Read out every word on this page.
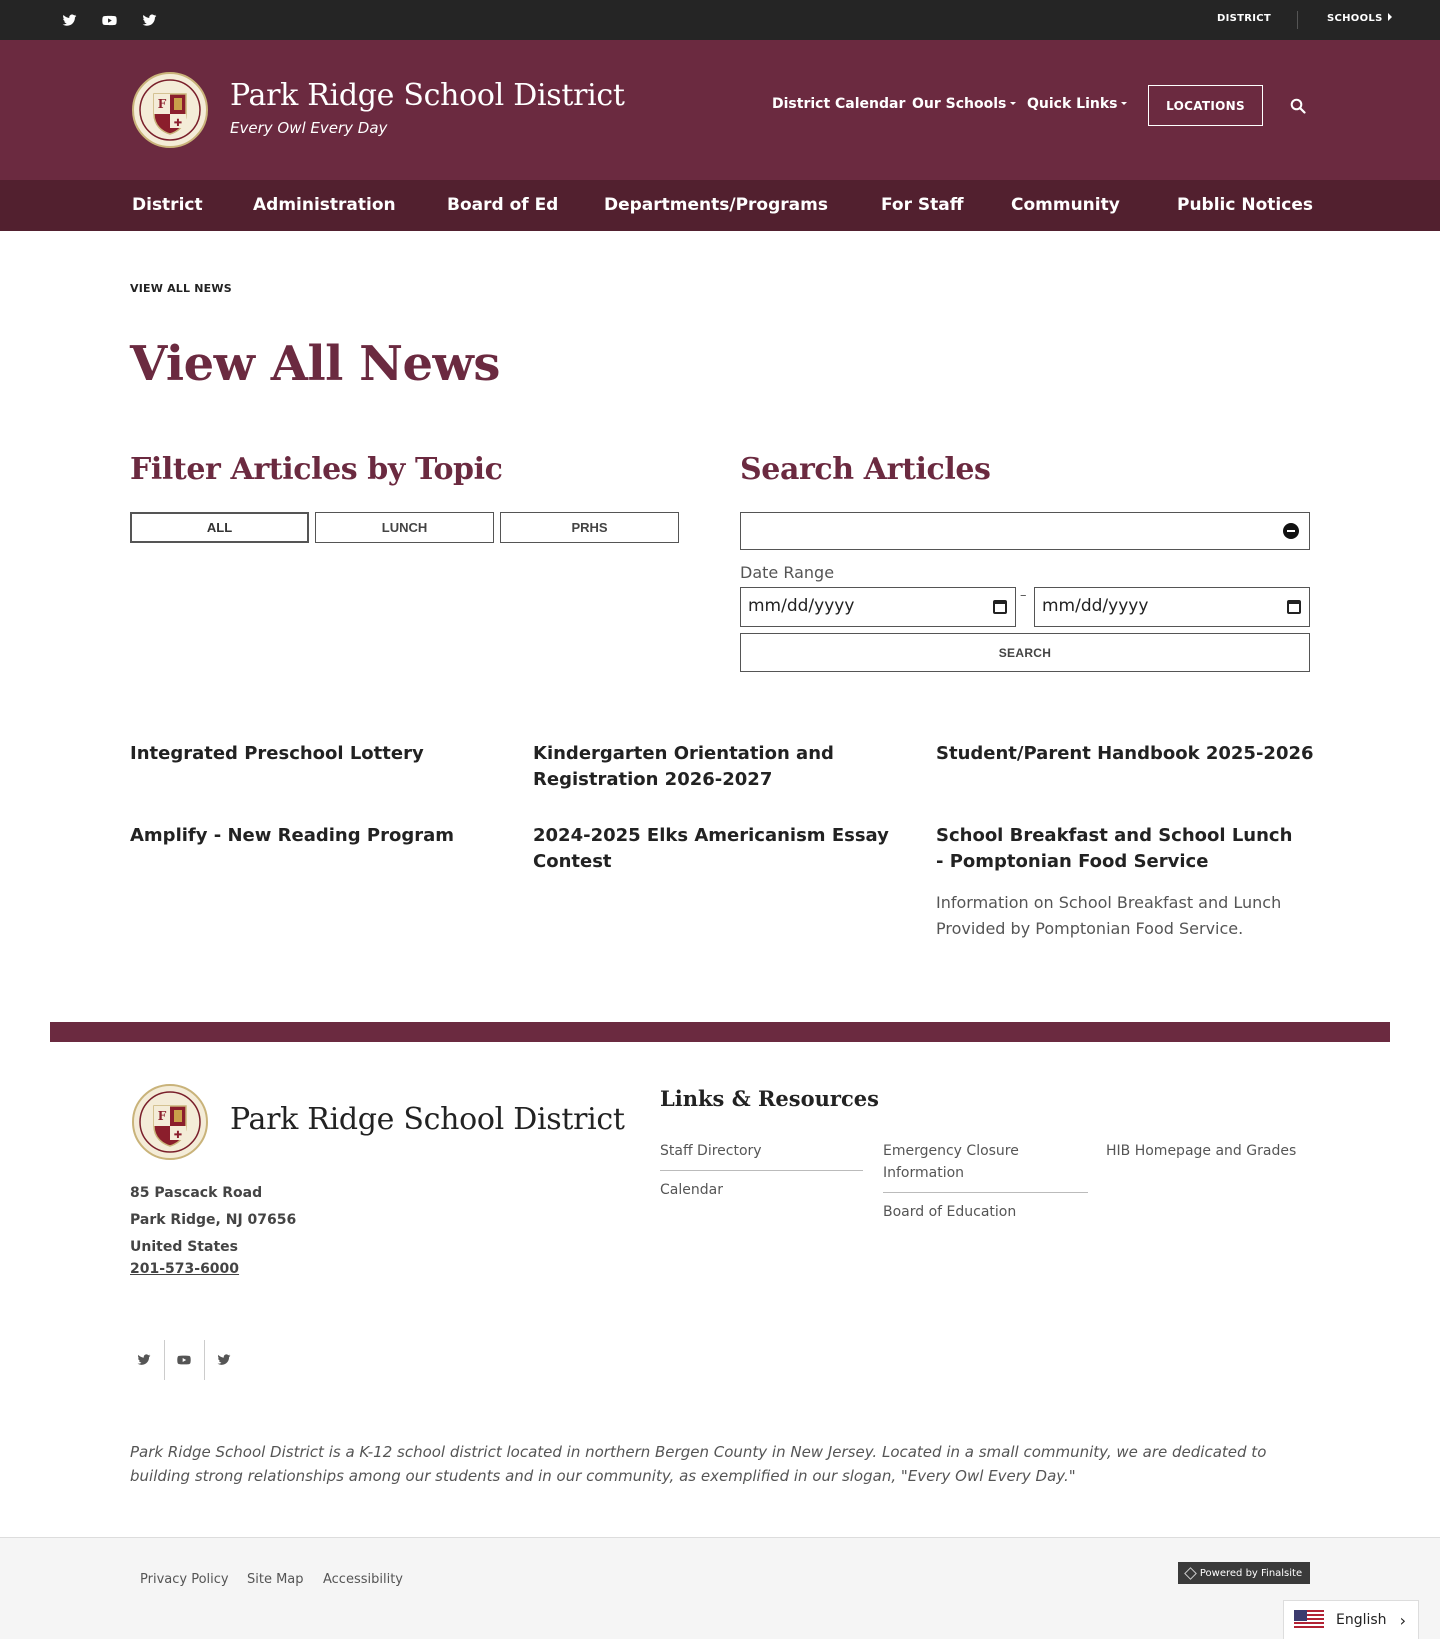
DISTRICT	SCHOOLS
F
✚
Park Ridge School District
Every Owl Every Day
District Calendar Our Schools	Quick Links	LOCATIONS
District	Administration	Board of Ed	Departments/Programs	For Staff	Community	Public Notices
VIEW ALL NEWS
View All News
Filter Articles by Topic
ALL	LUNCH	PRHS
Search Articles
Date Range
mm/dd/yyyy
–
mm/dd/yyyy
SEARCH
Integrated Preschool Lottery	Kindergarten Orientation and Registration 2026-2027
Student/Parent Handbook 2025-2026
Amplify - New Reading Program	2024-2025 Elks Americanism Essay Contest
School Breakfast and School Lunch - Pomptonian Food Service

Information on School Breakfast and Lunch Provided by Pomptonian Food Service.

F
✚ Park Ridge School District
85 Pascack Road
Park Ridge, NJ 07656
United States
201-573-6000
Links & Resources
Staff Directory
Calendar
Emergency Closure Information
Board of Education
HIB Homepage and Grades

Park Ridge School District is a K-12 school district located in northern Bergen County in New Jersey. Located in a small community, we are dedicated to building strong relationships among our students and in our community, as exemplified in our slogan, "Every Owl Every Day."

Privacy Policy Site Map Accessibility	Powered by Finalsite
English ›
